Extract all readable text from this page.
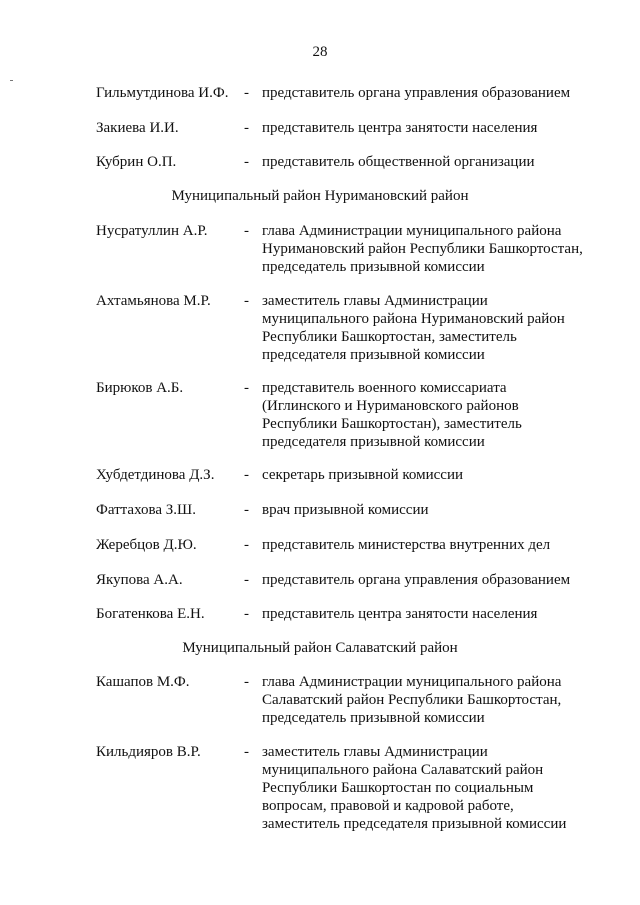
28
Гильмутдинова И.Ф. - представитель органа управления образованием
Закиева И.И.	- представитель центра занятости населения
Кубрин О.П.	- представитель общественной организации
Муниципальный район Нуримановский район
Нусратуллин А.Р. - глава Администрации муниципального района
Нуримановский район Республики Башкортостан,
председатель призывной комиссии
Ахтамьянова М.Р. - заместитель главы Администрации
муниципального района Нуримановский район
Республики Башкортостан, заместитель
председателя призывной комиссии
Бирюков А.Б.	- представитель военного комиссариата
(Иглинского и Нуримановского районов
Республики Башкортостан), заместитель
председателя призывной комиссии
Хубдетдинова Д.З. - секретарь призывной комиссии
Фаттахова З.Ш.	- врач призывной комиссии
Жеребцов Д.Ю.	- представитель министерства внутренних дел
Якупова А.А.	- представитель органа управления образованием
Богатенкова Е.Н.	- представитель центра занятости населения
Муниципальный район Салаватский район
Кашапов М.Ф.	- глава Администрации муниципального района
Салаватский район Республики Башкортостан,
председатель призывной комиссии
Кильдияров В.Р.	- заместитель главы Администрации
муниципального района Салаватский район
Республики Башкортостан по социальным
вопросам, правовой и кадровой работе,
заместитель председателя призывной комиссии
